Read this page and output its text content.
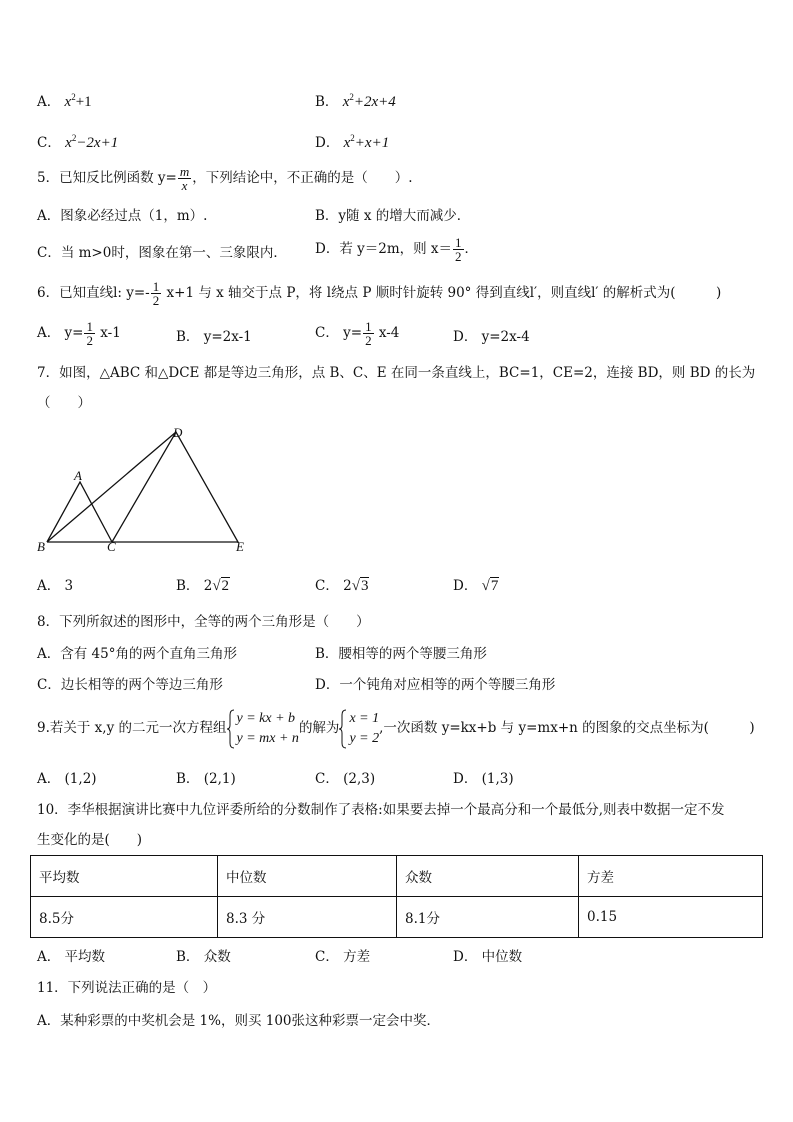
A． $x^2+1$	B． $x^2+2x+4$
C． $x^2-2x+1$	D． $x^2+x+1$
5．已知反比例函数 $y= \frac{m}{x}$ ，下列结论中，不正确的是（　　）.
A．图象必经过点（1，m）.	B．y随 x 的增大而减少．
C．当 m>0时，图象在第一、三象限内． D．若 y＝2m，则 $x= \frac{1}{2}$ ．
6．已知直线l: $y=- \frac{1}{2} x+1$ 与 x 轴交于点 P，将 l绕点 P 顺时针旋转 90° 得到直线l′，则直线l′ 的解析式为(　　　)
A． $y= \frac{1}{2} x-1$	B． y=2x-1	C． $y= \frac{1}{2} x-4$	D． y=2x-4
7．如图，△ABC 和△DCE 都是等边三角形，点 B、C、E 在同一条直线上，BC=1，CE=2，连接 BD，则 BD 的长为
（　　）
A
B	C
D
E
A． 3	B． 2√2	C． 2√3	D． √7
8．下列所叙述的图形中，全等的两个三角形是（　　）
A．含有 45°角的两个直角三角形	B．腰相等的两个等腰三角形
C．边长相等的两个等边三角形	D．一个钝角对应相等的两个等腰三角形
9.若关于 x,y 的二元一次方程组
y = kx + b
y = mx + n
的解为
x = 1
y = 2
,一次函数 y=kx+b 与 y=mx+n 的图象的交点坐标为(　　　)
A． (1,2)	B． (2,1)	C． (2,3)	D． (1,3)
10．李华根据演讲比赛中九位评委所给的分数制作了表格:如果要去掉一个最高分和一个最低分,则表中数据一定不发
生变化的是(　　)
平均数	中位数	众数	方差
8.5分	8.3 分	8.1分	0.15
A． 平均数	B． 众数	C． 方差	D． 中位数
11．下列说法正确的是（　）
A．某种彩票的中奖机会是 1%，则买 100张这种彩票一定会中奖．
